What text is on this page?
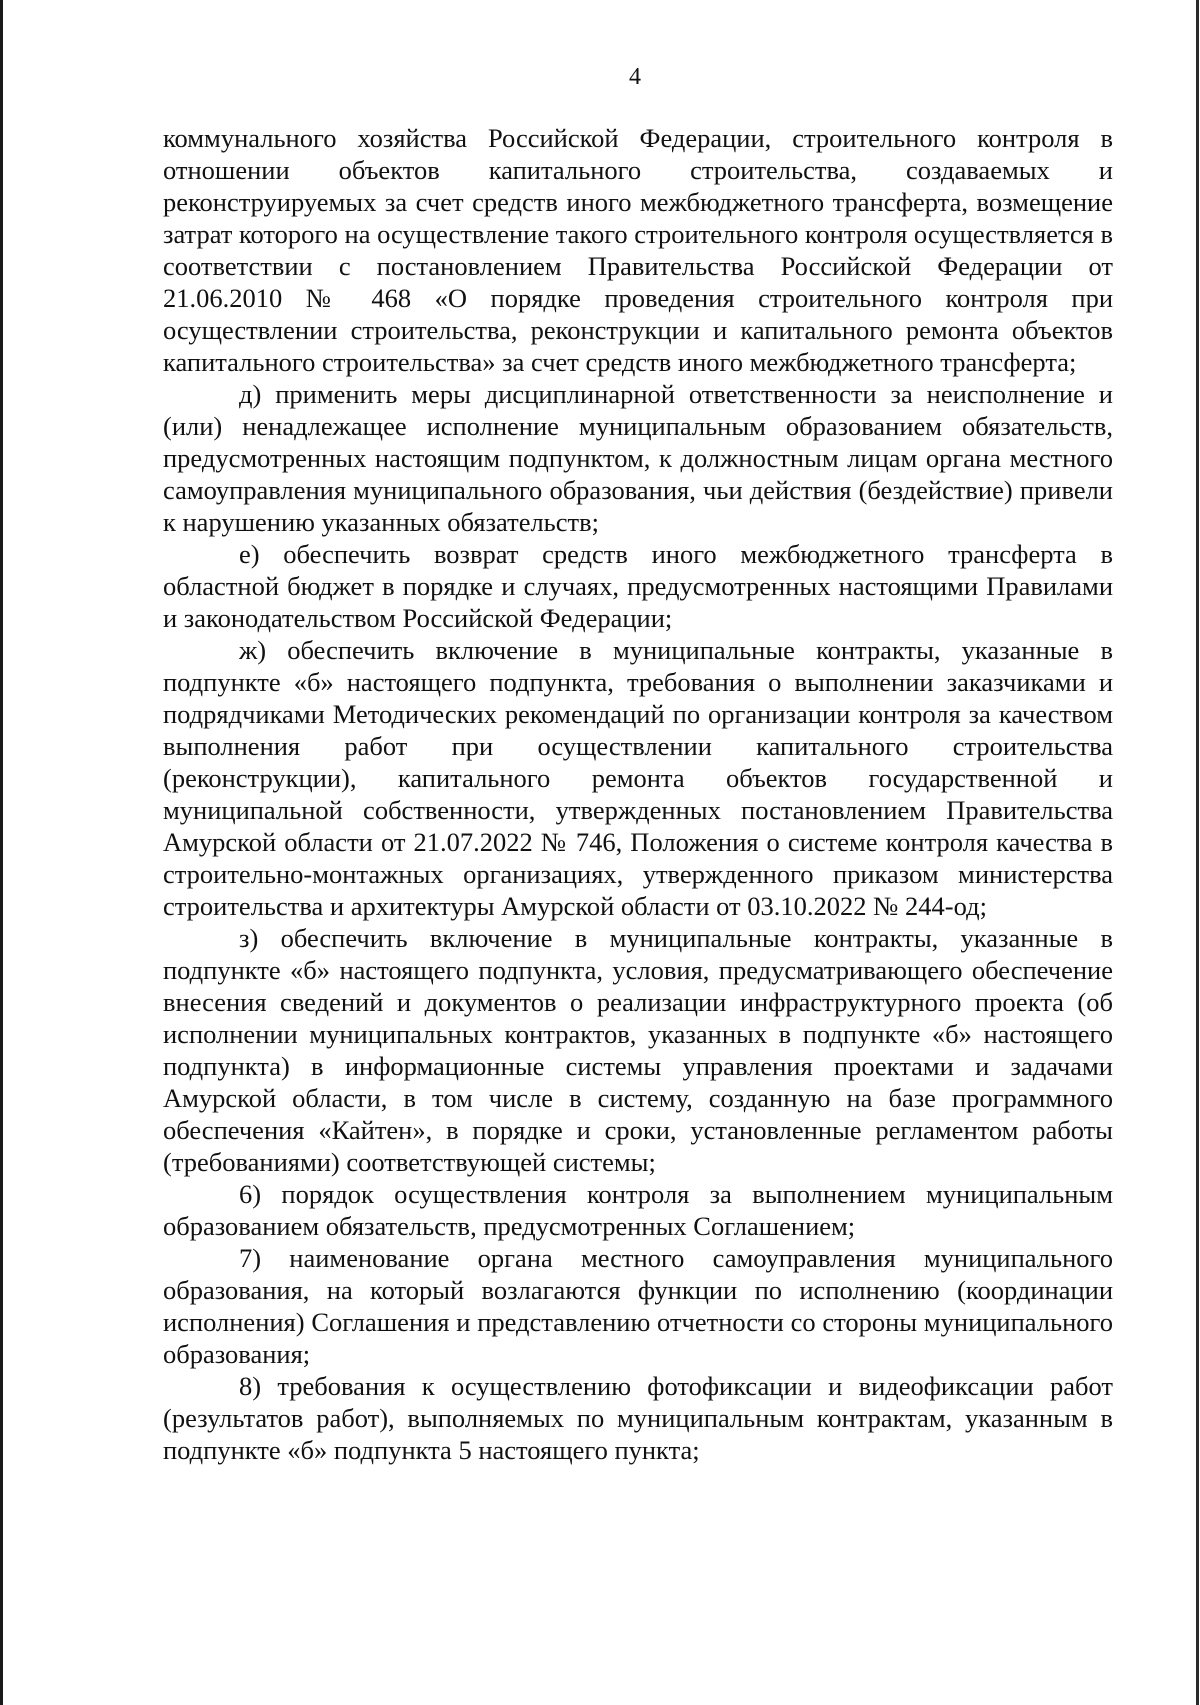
4

коммунального хозяйства Российской Федерации, строительного контроля в отношении объектов капитального строительства, создаваемых и реконструируемых за счет средств иного межбюджетного трансферта, возмещение затрат которого на осуществление такого строительного контроля осуществляется в соответствии с постановлением Правительства Российской Федерации от 21.06.2010 № 468 «О порядке проведения строительного контроля при осуществлении строительства, реконструкции и капитального ремонта объектов капитального строительства» за счет средств иного межбюджетного трансферта;

д) применить меры дисциплинарной ответственности за неисполнение и (или) ненадлежащее исполнение муниципальным образованием обязательств, предусмотренных настоящим подпунктом, к должностным лицам органа местного самоуправления муниципального образования, чьи действия (бездействие) привели к нарушению указанных обязательств;

е) обеспечить возврат средств иного межбюджетного трансферта в областной бюджет в порядке и случаях, предусмотренных настоящими Правилами и законодательством Российской Федерации;

ж) обеспечить включение в муниципальные контракты, указанные в подпункте «б» настоящего подпункта, требования о выполнении заказчиками и подрядчиками Методических рекомендаций по организации контроля за качеством выполнения работ при осуществлении капитального строительства (реконструкции), капитального ремонта объектов государственной и муниципальной собственности, утвержденных постановлением Правительства Амурской области от 21.07.2022 № 746, Положения о системе контроля качества в строительно-монтажных организациях, утвержденного приказом министерства строительства и архитектуры Амурской области от 03.10.2022 № 244-од;

з) обеспечить включение в муниципальные контракты, указанные в подпункте «б» настоящего подпункта, условия, предусматривающего обеспечение внесения сведений и документов о реализации инфраструктурного проекта (об исполнении муниципальных контрактов, указанных в подпункте «б» настоящего подпункта) в информационные системы управления проектами и задачами Амурской области, в том числе в систему, созданную на базе программного обеспечения «Кайтен», в порядке и сроки, установленные регламентом работы (требованиями) соответствующей системы;

6) порядок осуществления контроля за выполнением муниципальным образованием обязательств, предусмотренных Соглашением;

7) наименование органа местного самоуправления муниципального образования, на который возлагаются функции по исполнению (координации исполнения) Соглашения и представлению отчетности со стороны муниципального образования;

8) требования к осуществлению фотофиксации и видеофиксации работ (результатов работ), выполняемых по муниципальным контрактам, указанным в подпункте «б» подпункта 5 настоящего пункта;
